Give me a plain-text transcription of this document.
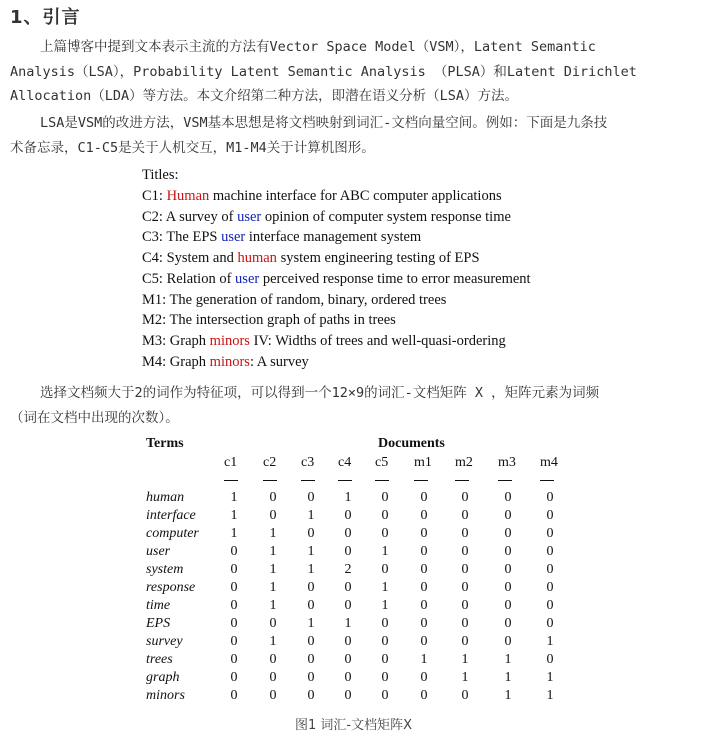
1、引言
上篇博客中提到文本表示主流的方法有Vector Space Model（VSM），Latent Semantic
Analysis（LSA），Probability Latent Semantic Analysis （PLSA）和Latent Dirichlet
Allocation（LDA）等方法。本文介绍第二种方法，即潜在语义分析（LSA）方法。
LSA是VSM的改进方法，VSM基本思想是将文档映射到词汇-文档向量空间。例如：下面是九条技
术备忘录，C1-C5是关于人机交互，M1-M4关于计算机图形。
Titles:
C1: Human machine interface for ABC computer applications
C2: A survey of user opinion of computer system response time
C3: The EPS user interface management system
C4: System and human system engineering testing of EPS
C5: Relation of user perceived response time to error measurement
M1: The generation of random, binary, ordered trees
M2: The intersection graph of paths in trees
M3: Graph minors IV: Widths of trees and well-quasi-ordering
M4: Graph minors: A survey
选择文档频大于2的词作为特征项，可以得到一个12×9的词汇-文档矩阵 X ，矩阵元素为词频
（词在文档中出现的次数）。
Terms	Documents
c1 c2 c3 c4 c5 m1 m2 m3 m4
human	1	0	0	1	0	0	0	0	0
interface	1	0	1	0	0	0	0	0	0
computer	1	1	0	0	0	0	0	0	0
user	0	1	1	0	1	0	0	0	0
system	0	1	1	2	0	0	0	0	0
response	0	1	0	0	1	0	0	0	0
time	0	1	0	0	1	0	0	0	0
EPS	0	0	1	1	0	0	0	0	0
survey	0	1	0	0	0	0	0	0	1
trees	0	0	0	0	0	1	1	1	0
graph	0	0	0	0	0	0	1	1	1
minors	0	0	0	0	0	0	0	1	1
图1 词汇-文档矩阵X
